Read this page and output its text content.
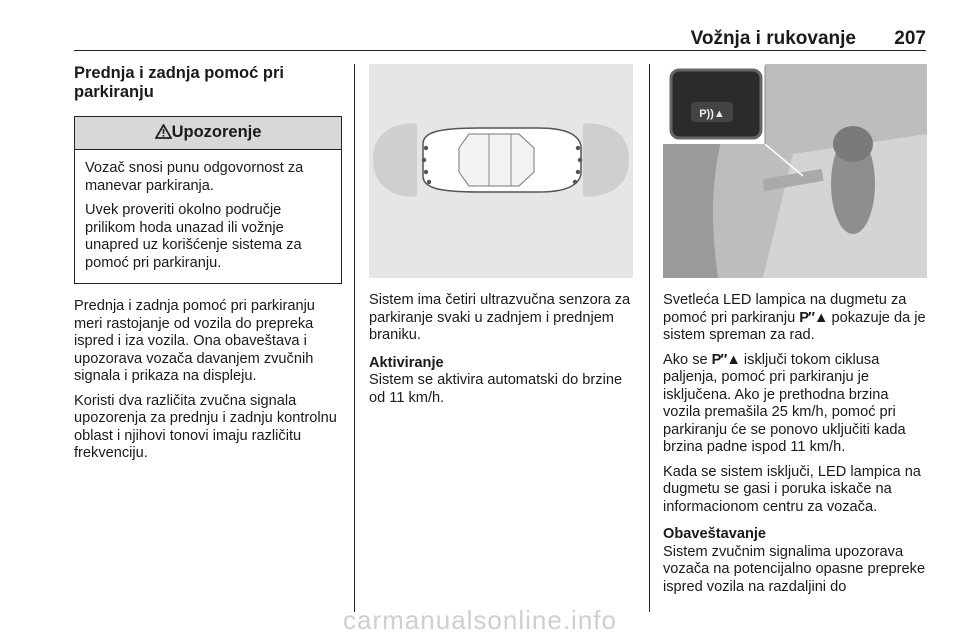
Vožnja i rukovanje 207
Prednja i zadnja pomoć pri parkiranju
Upozorenje

Vozač snosi punu odgovornost za manevar parkiranja.

Uvek proveriti okolno područje prilikom hoda unazad ili vožnje unapred uz korišćenje sistema za pomoć pri parkiranju.

Prednja i zadnja pomoć pri parkiranju meri rastojanje od vozila do prepreka ispred i iza vozila. Ona obaveštava i upozorava vozača davanjem zvučnih signala i prikaza na displeju.

Koristi dva različita zvučna signala upozorenja za prednju i zadnju kontrolnu oblast i njihovi tonovi imaju različitu frekvenciju.

Sistem ima četiri ultrazvučna senzora za parkiranje svaki u zadnjem i prednjem braniku.

Aktiviranje

Sistem se aktivira automatski do brzine od 11 km/h.

P))▲

Svetleća LED lampica na dugmetu za pomoć pri parkiranju P″▲ pokazuje da je sistem spreman za rad.

Ako se P″▲ isključi tokom ciklusa paljenja, pomoć pri parkiranju je isključena. Ako je prethodna brzina vozila premašila 25 km/h, pomoć pri parkiranju će se ponovo uključiti kada brzina padne ispod 11 km/h.

Kada se sistem isključi, LED lampica na dugmetu se gasi i poruka iskače na informacionom centru za vozača.

Obaveštavanje

Sistem zvučnim signalima upozorava vozača na potencijalno opasne prepreke ispred vozila na razdaljini do

carmanualsonline.info
